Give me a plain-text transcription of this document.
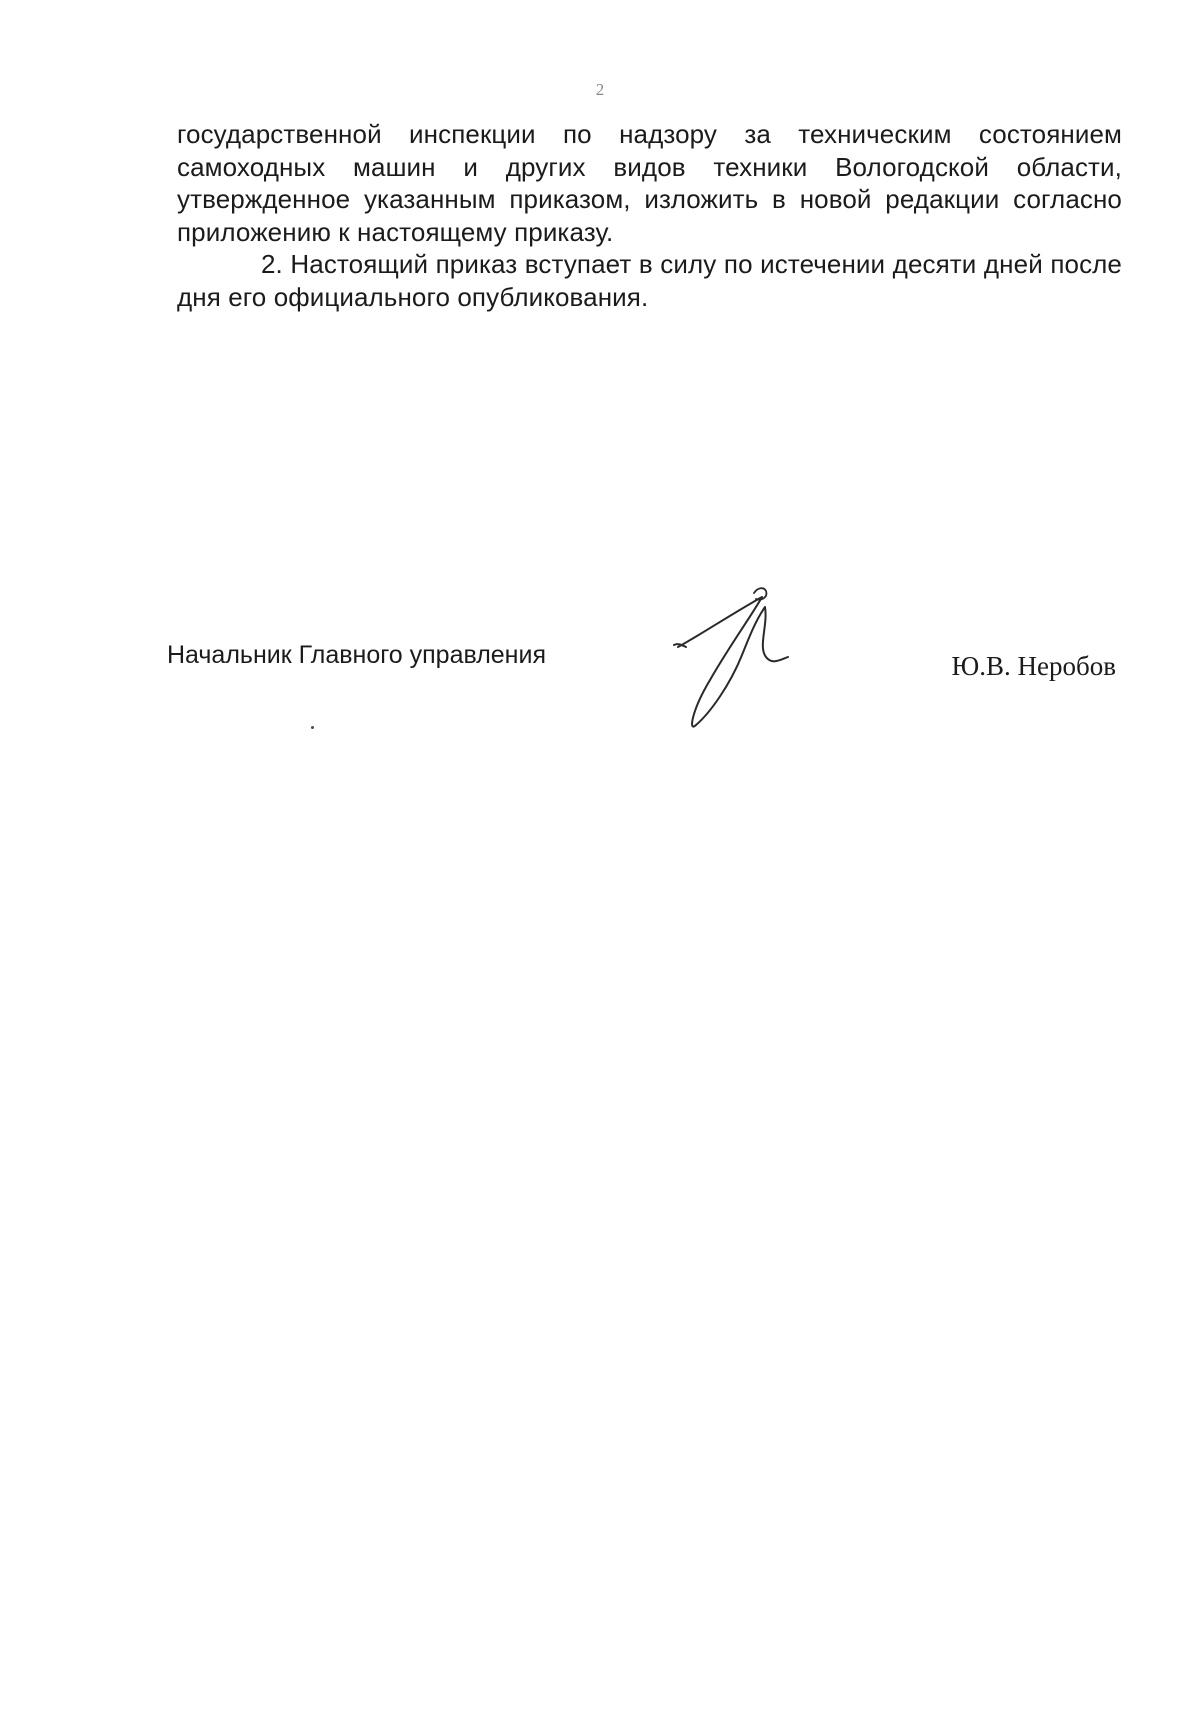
2

государственной инспекции по надзору за техническим состоянием
самоходных машин и других видов техники Вологодской области,
утвержденное указанным приказом, изложить в новой редакции согласно
приложению к настоящему приказу.

2. Настоящий приказ вступает в силу по истечении десяти дней после
дня его официального опубликования.

Начальник Главного управления	Ю.В. Неробов
